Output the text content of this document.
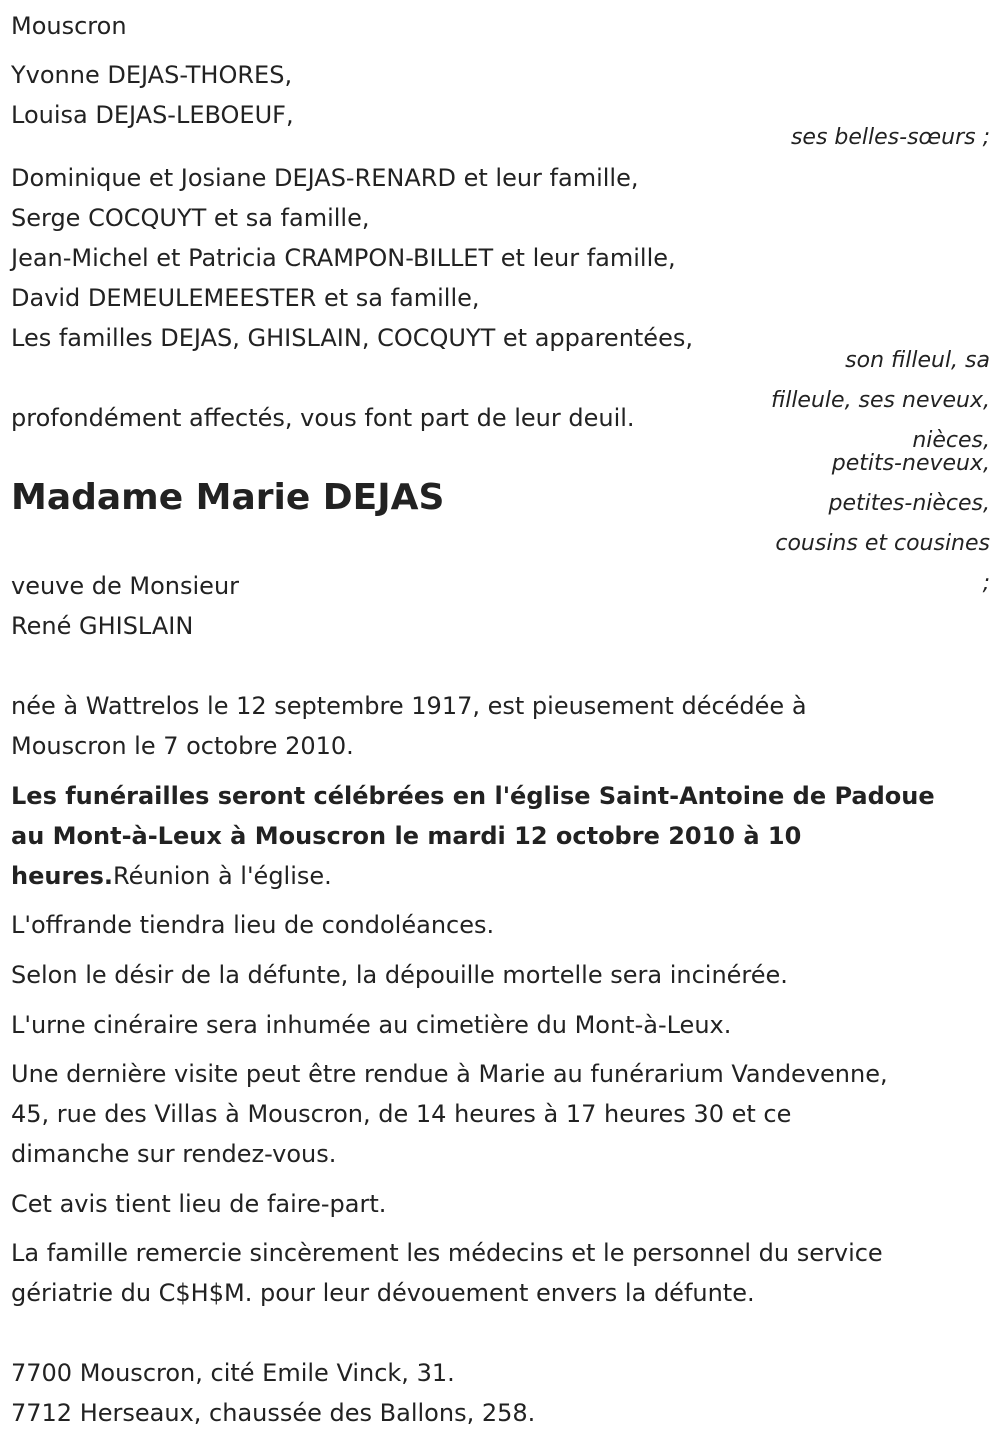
Mouscron
Yvonne DEJAS-THORES,
Louisa DEJAS-LEBOEUF,
ses belles-sœurs ;
Dominique et Josiane DEJAS-RENARD et leur famille,
Serge COCQUYT et sa famille,
Jean-Michel et Patricia CRAMPON-BILLET et leur famille,
David DEMEULEMEESTER et sa famille,
Les familles DEJAS, GHISLAIN, COCQUYT et apparentées,
son filleul, sa
filleule, ses neveux,
nièces,
petits-neveux,
petites-nièces,
cousins et cousines
;
profondément affectés, vous font part de leur deuil.
Madame Marie DEJAS
veuve de Monsieur
René GHISLAIN
née à Wattrelos le 12 septembre 1917, est pieusement décédée à
Mouscron le 7 octobre 2010.
Les funérailles seront célébrées en l'église Saint-Antoine de Padoue
au Mont-à-Leux à Mouscron le mardi 12 octobre 2010 à 10
heures.Réunion à l'église.
L'offrande tiendra lieu de condoléances.
Selon le désir de la défunte, la dépouille mortelle sera incinérée.
L'urne cinéraire sera inhumée au cimetière du Mont-à-Leux.
Une dernière visite peut être rendue à Marie au funérarium Vandevenne,
45, rue des Villas à Mouscron, de 14 heures à 17 heures 30 et ce
dimanche sur rendez-vous.
Cet avis tient lieu de faire-part.
La famille remercie sincèrement les médecins et le personnel du service
gériatrie du C$H$M. pour leur dévouement envers la défunte.
7700 Mouscron, cité Emile Vinck, 31.
7712 Herseaux, chaussée des Ballons, 258.
